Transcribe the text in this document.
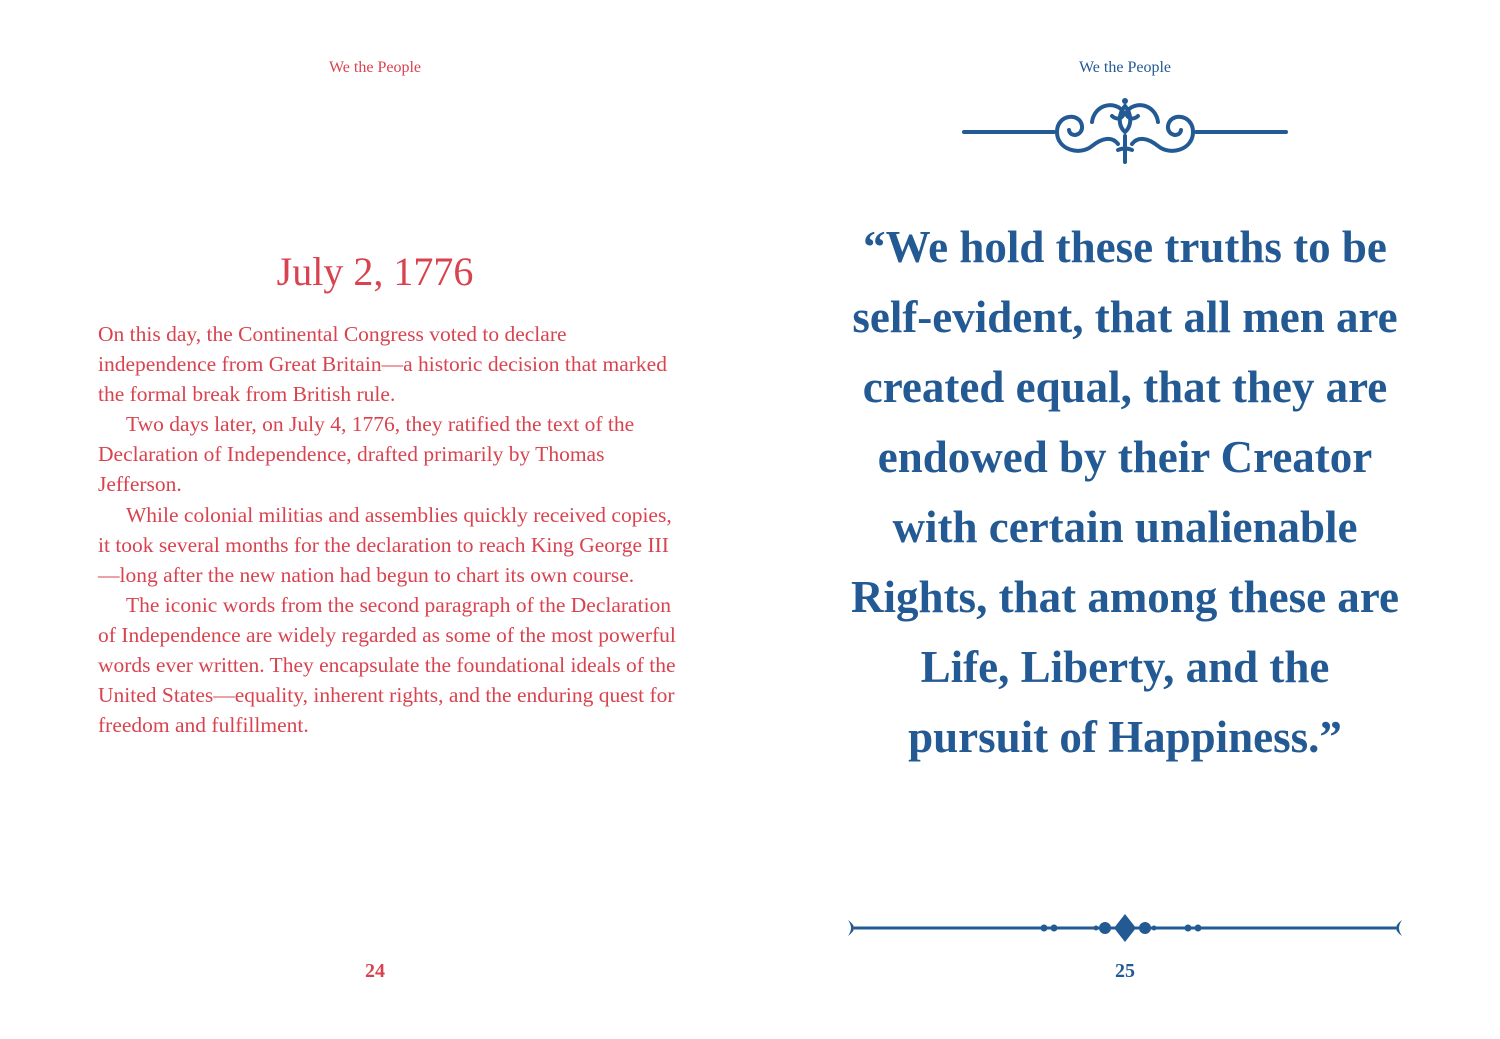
We the People
July 2, 1776

On this day, the Continental Congress voted to declare independence from Great Britain—a historic decision that marked the formal break from British rule.

Two days later, on July 4, 1776, they ratified the text of the Declaration of Independence, drafted primarily by Thomas Jefferson.

While colonial militias and assemblies quickly received copies, it took several months for the declaration to reach King George III—long after the new nation had begun to chart its own course.

The iconic words from the second paragraph of the Declaration of Independence are widely regarded as some of the most powerful words ever written. They encapsulate the foundational ideals of the United States—equality, inherent rights, and the enduring quest for freedom and fulfillment.

24
We the People

“We hold these truths to be self-evident, that all men are created equal, that they are endowed by their Creator with certain unalienable Rights, that among these are Life, Liberty, and the pursuit of Happiness.”

25
